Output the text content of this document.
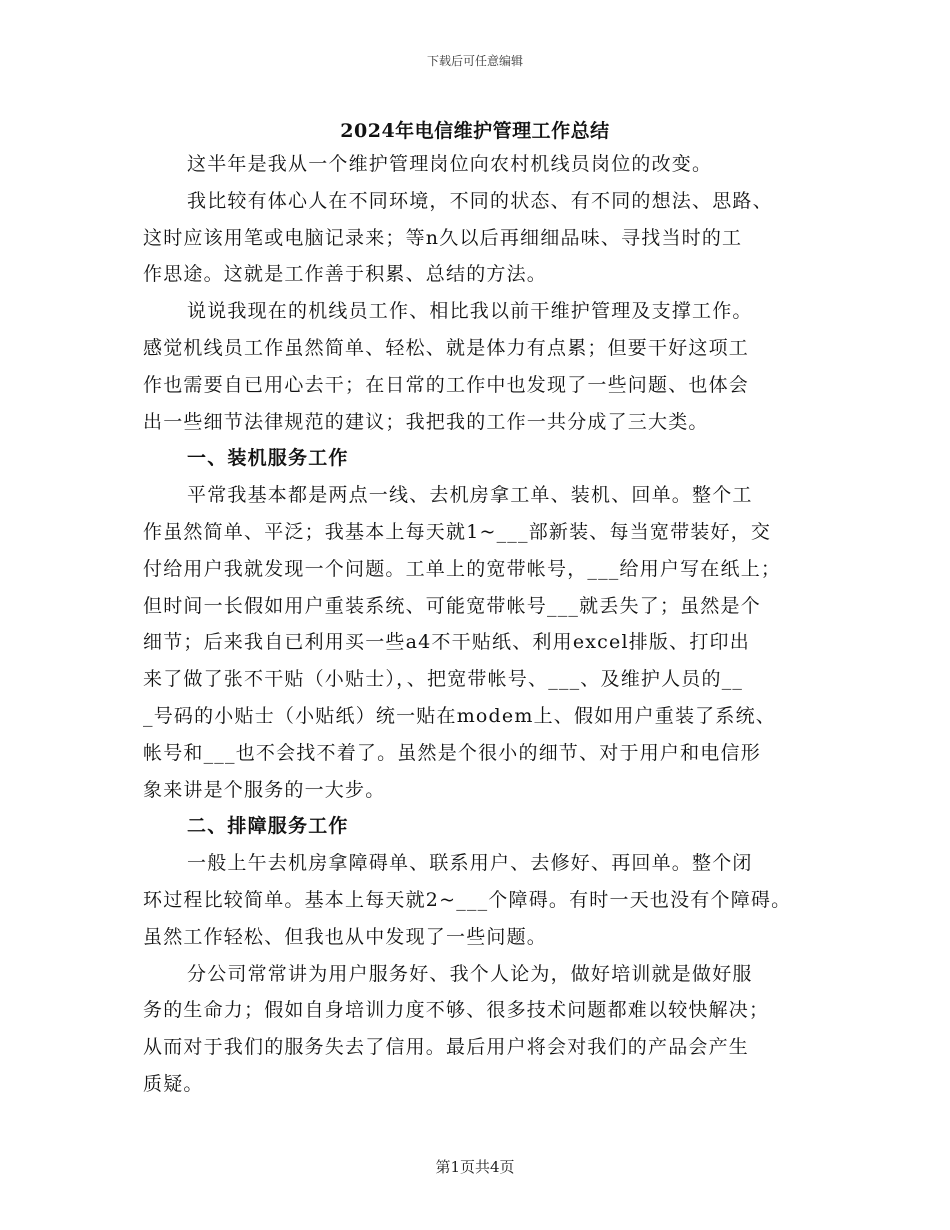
下载后可任意编辑
2024年电信维护管理工作总结
这半年是我从一个维护管理岗位向农村机线员岗位的改变。
我比较有体心人在不同环境，不同的状态、有不同的想法、思路、
这时应该用笔或电脑记录来；等n久以后再细细品味、寻找当时的工
作思途。这就是工作善于积累、总结的方法。
说说我现在的机线员工作、相比我以前干维护管理及支撑工作。
感觉机线员工作虽然简单、轻松、就是体力有点累；但要干好这项工
作也需要自已用心去干；在日常的工作中也发现了一些问题、也体会
出一些细节法律规范的建议；我把我的工作一共分成了三大类。
一、装机服务工作
平常我基本都是两点一线、去机房拿工单、装机、回单。整个工
作虽然简单、平泛；我基本上每天就1~___部新装、每当宽带装好，交
付给用户我就发现一个问题。工单上的宽带帐号，___给用户写在纸上；
但时间一长假如用户重装系统、可能宽带帐号___就丢失了；虽然是个
细节；后来我自已利用买一些a4不干贴纸、利用excel排版、打印出
来了做了张不干贴（小贴士），、把宽带帐号、___、及维护人员的__
_号码的小贴士（小贴纸）统一贴在modem上、假如用户重装了系统、
帐号和___也不会找不着了。虽然是个很小的细节、对于用户和电信形
象来讲是个服务的一大步。
二、排障服务工作
一般上午去机房拿障碍单、联系用户、去修好、再回单。整个闭
环过程比较简单。基本上每天就2~___个障碍。有时一天也没有个障碍。
虽然工作轻松、但我也从中发现了一些问题。
分公司常常讲为用户服务好、我个人论为，做好培训就是做好服
务的生命力；假如自身培训力度不够、很多技术问题都难以较快解决；
从而对于我们的服务失去了信用。最后用户将会对我们的产品会产生
质疑。
第1页共4页
